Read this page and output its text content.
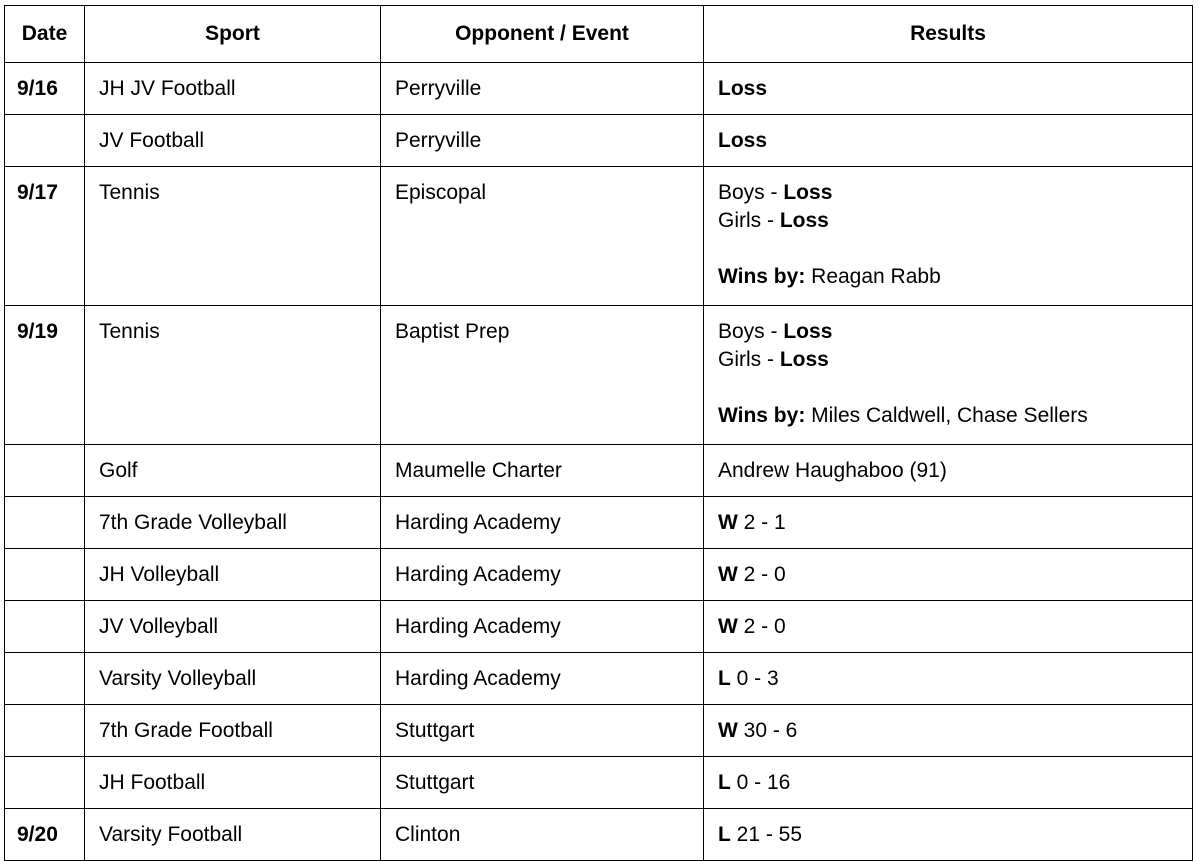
Date	Sport	Opponent / Event	Results
9/16	JH JV Football	Perryville	Loss
	JV Football	Perryville	Loss
9/17	Tennis	Episcopal	Boys - Loss
Girls - Loss
Wins by: Reagan Rabb

9/19	Tennis	Baptist Prep	Boys - Loss
Girls - Loss
Wins by: Miles Caldwell, Chase Sellers

	Golf	Maumelle Charter	Andrew Haughaboo (91)
	7th Grade Volleyball	Harding Academy	W 2 - 1
	JH Volleyball	Harding Academy	W 2 - 0
	JV Volleyball	Harding Academy	W 2 - 0
	Varsity Volleyball	Harding Academy	L 0 - 3
	7th Grade Football	Stuttgart	W 30 - 6
	JH Football	Stuttgart	L 0 - 16
9/20	Varsity Football	Clinton	L 21 - 55
